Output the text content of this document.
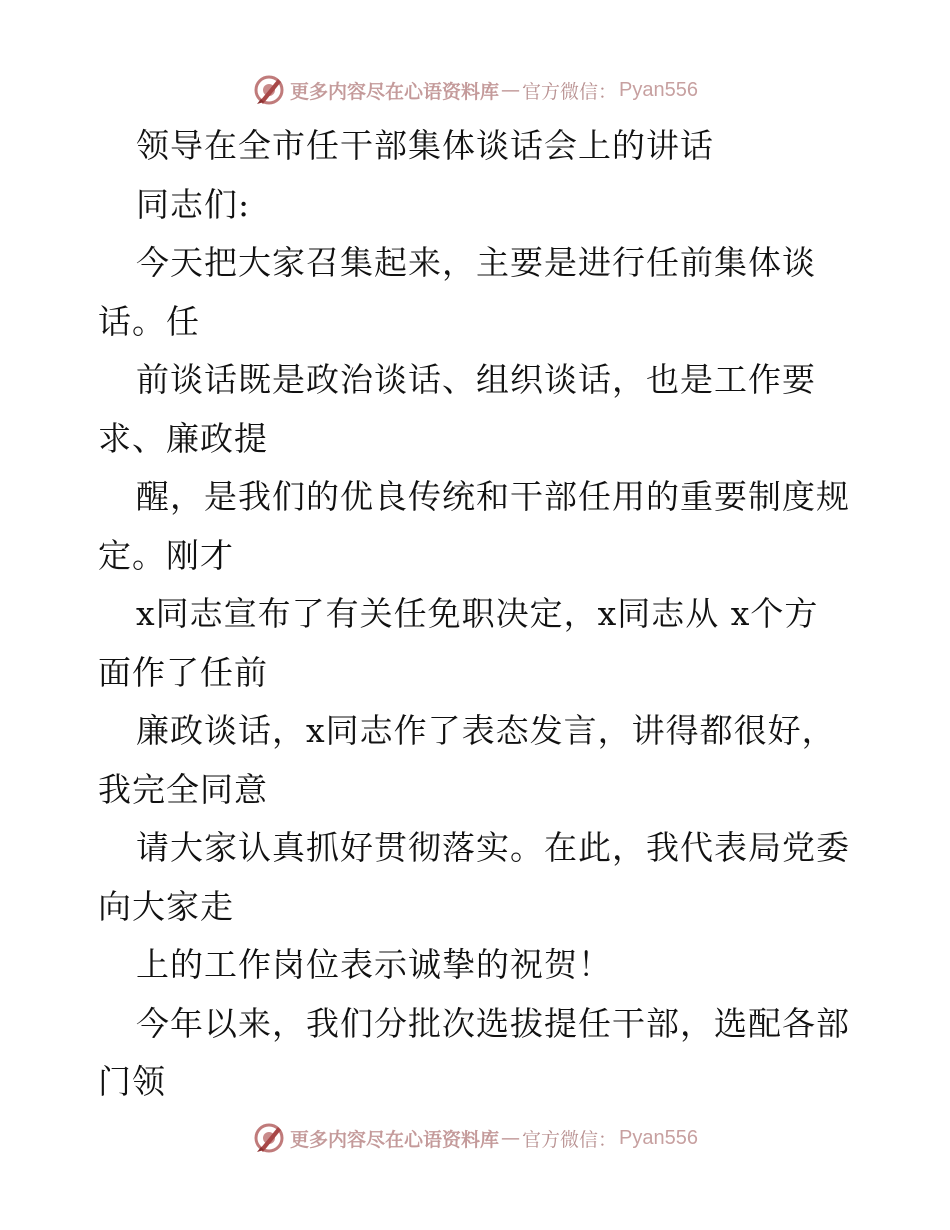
更多内容尽在心语资料库 — 官方微信： Pyan556
领导在全市任干部集体谈话会上的讲话
同志们:
今天把大家召集起来，主要是进行任前集体谈
话。任
前谈话既是政治谈话、组织谈话，也是工作要
求、廉政提
醒，是我们的优良传统和干部任用的重要制度规
定。刚才
x同志宣布了有关任免职决定，x同志从 x个方
面作了任前
廉政谈话，x同志作了表态发言，讲得都很好，
我完全同意
请大家认真抓好贯彻落实。在此，我代表局党委
向大家走
上的工作岗位表示诚挚的祝贺！
今年以来，我们分批次选拔提任干部，选配各部
门领
更多内容尽在心语资料库 — 官方微信： Pyan556
